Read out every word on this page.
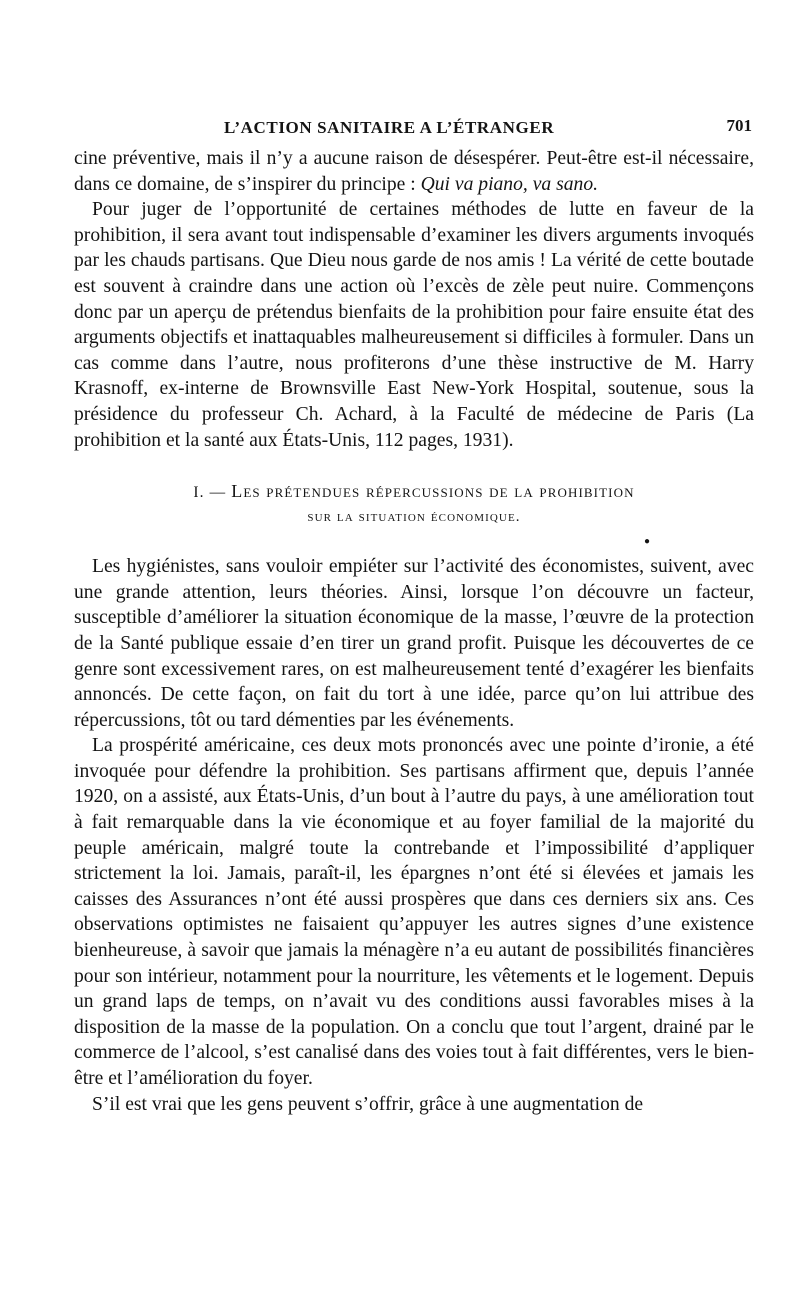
L’ACTION SANITAIRE A L’ÉTRANGER	701

cine préventive, mais il n’y a aucune raison de désespérer. Peut-être est-il nécessaire, dans ce domaine, de s’inspirer du principe : Qui va piano, va sano.

Pour juger de l’opportunité de certaines méthodes de lutte en faveur de la prohibition, il sera avant tout indispensable d’examiner les divers arguments invoqués par les chauds partisans. Que Dieu nous garde de nos amis ! La vérité de cette boutade est souvent à craindre dans une action où l’excès de zèle peut nuire. Commençons donc par un aperçu de prétendus bienfaits de la prohibition pour faire ensuite état des arguments objectifs et inattaquables malheureusement si difficiles à formuler. Dans un cas comme dans l’autre, nous profiterons d’une thèse instructive de M. Harry Krasnoff, ex-interne de Brownsville East New-York Hospital, soutenue, sous la présidence du professeur Ch. Achard, à la Faculté de médecine de Paris (La prohibition et la santé aux États-Unis, 112 pages, 1931).

I. — Les prétendues répercussions de la prohibition
sur la situation économique.
●

Les hygiénistes, sans vouloir empiéter sur l’activité des économistes, suivent, avec une grande attention, leurs théories. Ainsi, lorsque l’on découvre un facteur, susceptible d’améliorer la situation économique de la masse, l’œuvre de la protection de la Santé publique essaie d’en tirer un grand profit. Puisque les découvertes de ce genre sont excessivement rares, on est malheureusement tenté d’exagérer les bienfaits annoncés. De cette façon, on fait du tort à une idée, parce qu’on lui attribue des répercussions, tôt ou tard démenties par les événements.

La prospérité américaine, ces deux mots prononcés avec une pointe d’ironie, a été invoquée pour défendre la prohibition. Ses partisans affirment que, depuis l’année 1920, on a assisté, aux États-Unis, d’un bout à l’autre du pays, à une amélioration tout à fait remarquable dans la vie économique et au foyer familial de la majorité du peuple américain, malgré toute la contrebande et l’impossibilité d’appliquer strictement la loi. Jamais, paraît-il, les épargnes n’ont été si élevées et jamais les caisses des Assurances n’ont été aussi prospères que dans ces derniers six ans. Ces observations optimistes ne faisaient qu’appuyer les autres signes d’une existence bienheureuse, à savoir que jamais la ménagère n’a eu autant de possibilités financières pour son intérieur, notamment pour la nourriture, les vêtements et le logement. Depuis un grand laps de temps, on n’avait vu des conditions aussi favorables mises à la disposition de la masse de la population. On a conclu que tout l’argent, drainé par le commerce de l’alcool, s’est canalisé dans des voies tout à fait différentes, vers le bien-être et l’amélioration du foyer.

S’il est vrai que les gens peuvent s’offrir, grâce à une augmentation de
